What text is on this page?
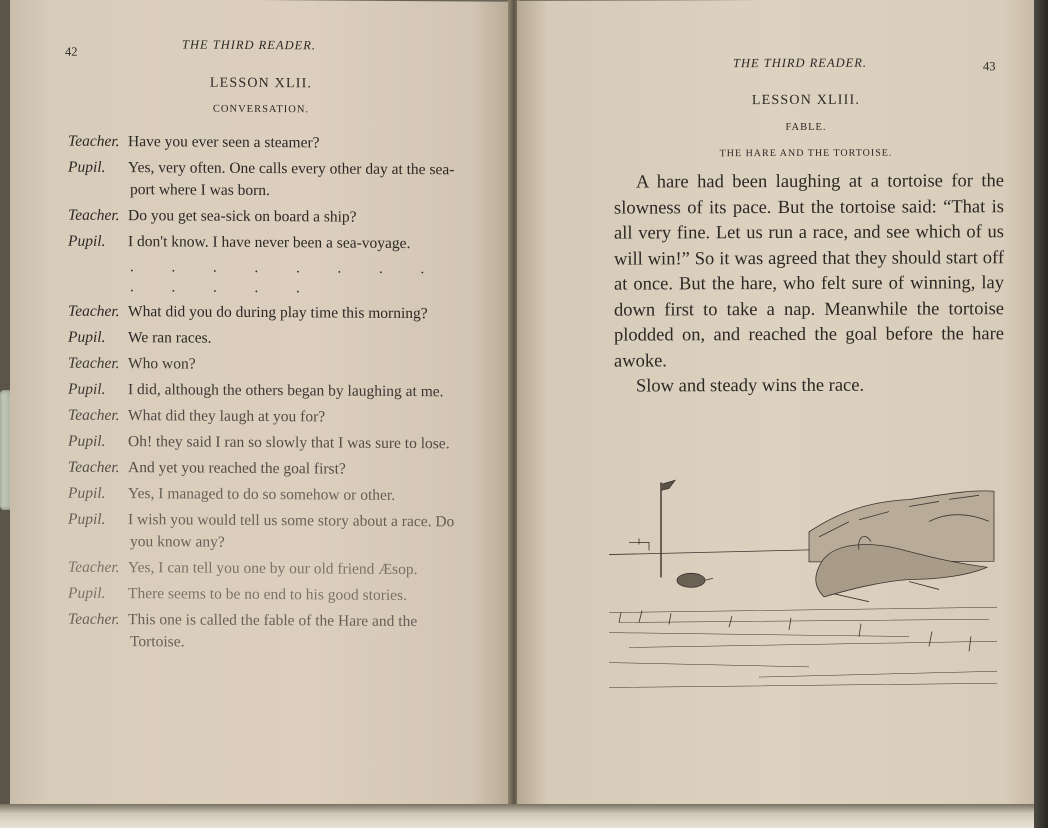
42	THE THIRD READER.
LESSON XLII.
CONVERSATION.
Teacher. Have you ever seen a steamer?
Pupil. Yes, very often. One calls every other day at the sea-port where I was born.
Teacher. Do you get sea-sick on board a ship?
Pupil. I don't know. I have never been a sea-voyage.
. . . . . . . . . . . . .
Teacher. What did you do during play time this morning?
Pupil. We ran races.
Teacher. Who won?
Pupil. I did, although the others began by laughing at me.
Teacher. What did they laugh at you for?
Pupil. Oh! they said I ran so slowly that I was sure to lose.
Teacher. And yet you reached the goal first?
Pupil. Yes, I managed to do so somehow or other.
Pupil. I wish you would tell us some story about a race. Do you know any?
Teacher. Yes, I can tell you one by our old friend Æsop.
Pupil. There seems to be no end to his good stories.
Teacher. This one is called the fable of the Hare and the Tortoise.
THE THIRD READER.	43
LESSON XLIII.
FABLE.
THE HARE AND THE TORTOISE.

A hare had been laughing at a tortoise for the slowness of its pace. But the tortoise said: “That is all very fine. Let us run a race, and see which of us will win!” So it was agreed that they should start off at once. But the hare, who felt sure of winning, lay down first to take a nap. Meanwhile the tortoise plodded on, and reached the goal before the hare awoke.

Slow and steady wins the race.
